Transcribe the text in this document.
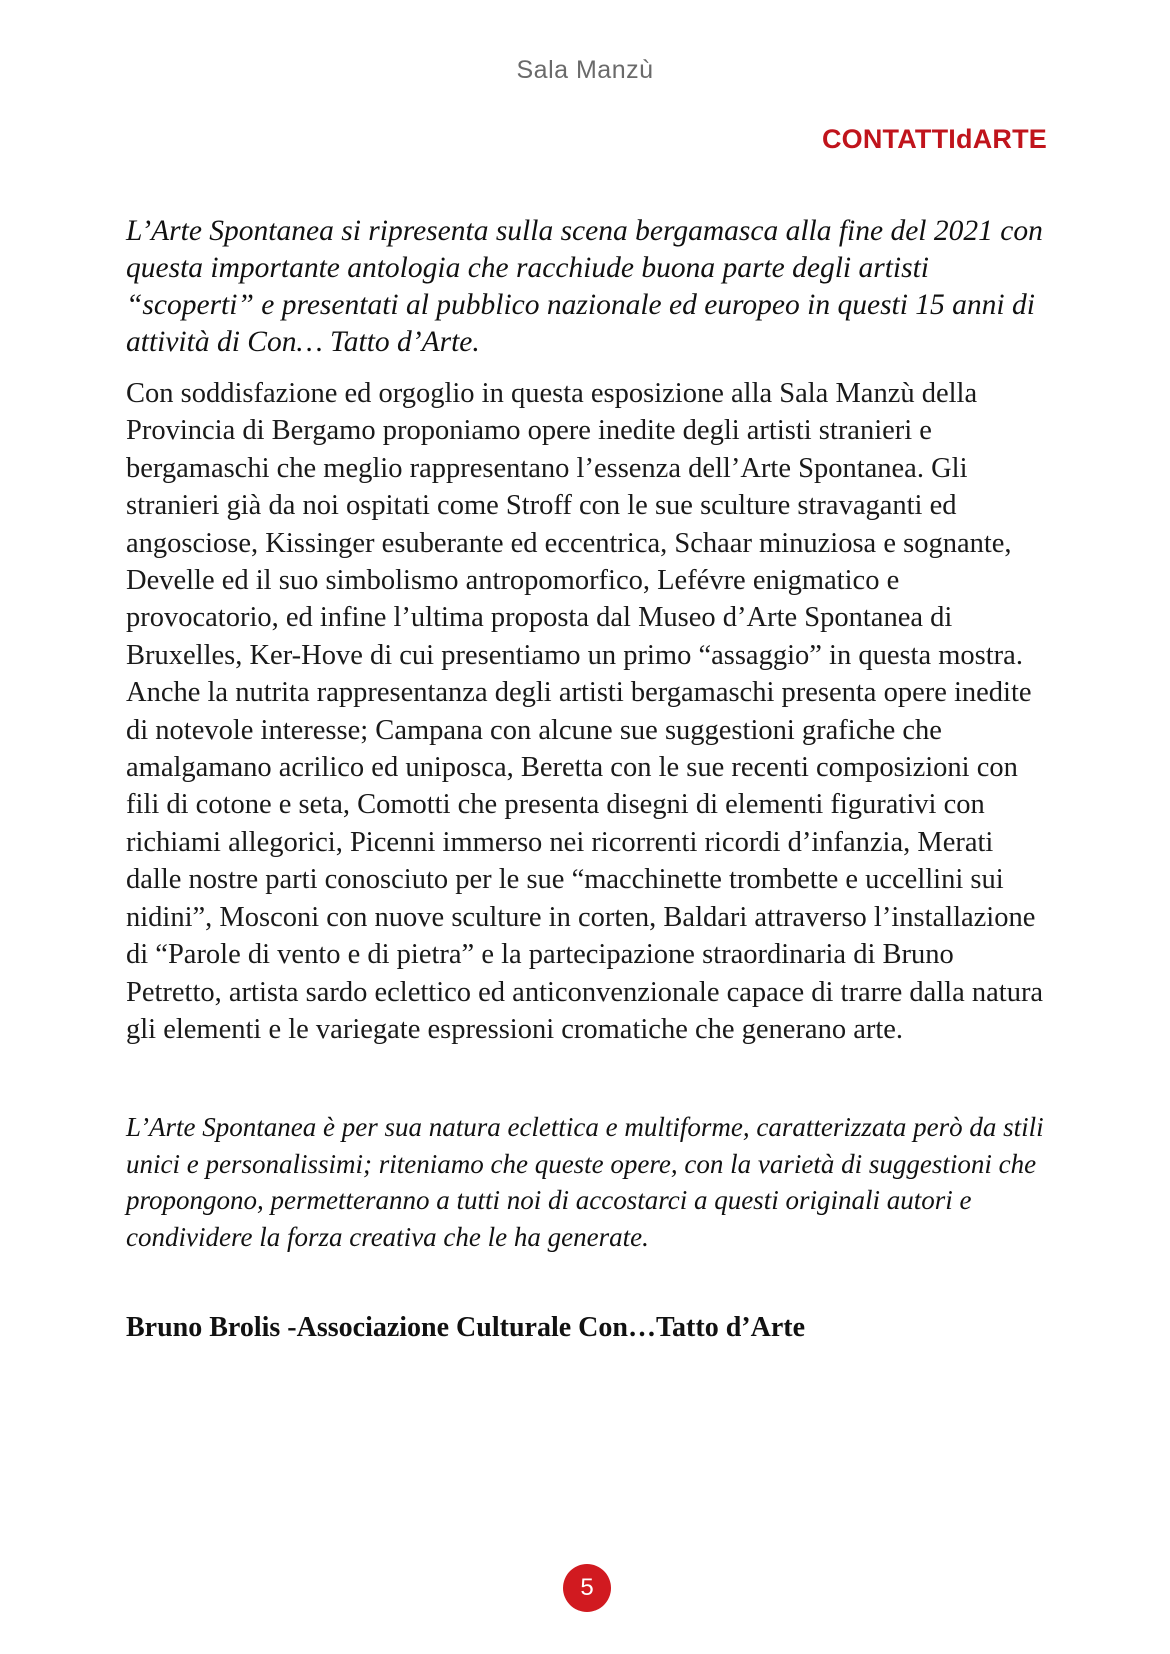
Sala Manzù
CONTATTIdARTE

L’Arte Spontanea si ripresenta sulla scena bergamasca alla fine del 2021 con questa importante antologia che racchiude buona parte degli artisti “scoperti” e presentati al pubblico nazionale ed europeo in questi 15 anni di attività di Con… Tatto d’Arte.

Con soddisfazione ed orgoglio in questa esposizione alla Sala Manzù della Provincia di Bergamo proponiamo opere inedite degli artisti stranieri e bergamaschi che meglio rappresentano l’essenza dell’Arte Spontanea. Gli stranieri già da noi ospitati come Stroff con le sue sculture stravaganti ed angosciose, Kissinger esuberante ed eccentrica, Schaar minuziosa e sognante, Develle ed il suo simbolismo antropomorfico, Lefévre enigmatico e provocatorio, ed infine l’ultima proposta dal Museo d’Arte Spontanea di Bruxelles, Ker-Hove di cui presentiamo un primo “assaggio” in questa mostra. Anche la nutrita rappresentanza degli artisti bergamaschi presenta opere inedite di notevole interesse; Campana con alcune sue suggestioni grafiche che amalgamano acrilico ed uniposca, Beretta con le sue recenti composizioni con fili di cotone e seta, Comotti che presenta disegni di elementi figurativi con richiami allegorici, Picenni immerso nei ricorrenti ricordi d’infanzia, Merati dalle nostre parti conosciuto per le sue “macchinette trombette e uccellini sui nidini”, Mosconi con nuove sculture in corten, Baldari attraverso l’installazione di “Parole di vento e di pietra” e la partecipazione straordinaria di Bruno Petretto, artista sardo eclettico ed anticonvenzionale capace di trarre dalla natura gli elementi e le variegate espressioni cromatiche che generano arte.

L’Arte Spontanea è per sua natura eclettica e multiforme, caratterizzata però da stili unici e personalissimi; riteniamo che queste opere, con la varietà di suggestioni che propongono, permetteranno a tutti noi di accostarci a questi originali autori e condividere la forza creativa che le ha generate.

Bruno Brolis -Associazione Culturale Con…Tatto d’Arte

5
